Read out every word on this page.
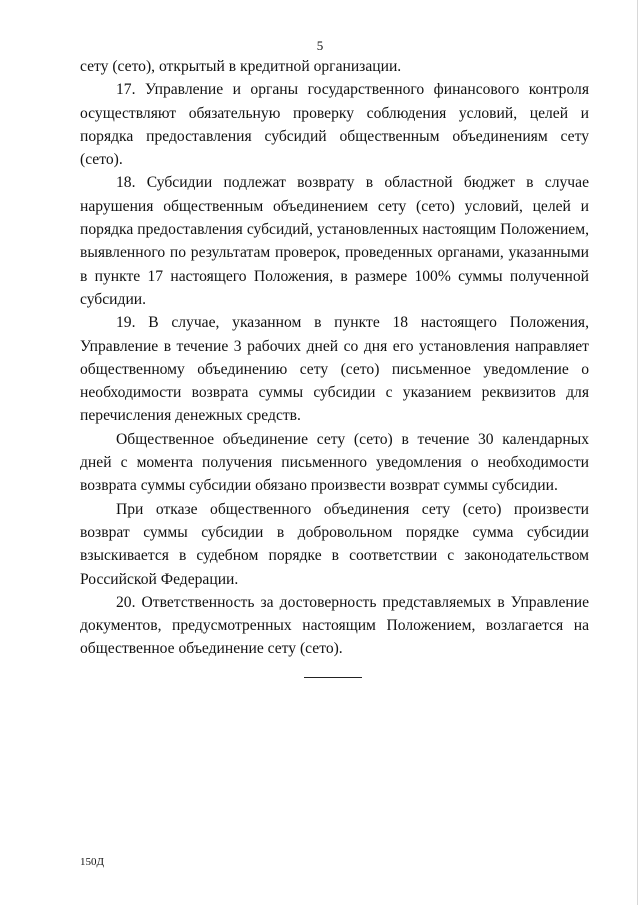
5

сету (сето), открытый в кредитной организации.

17. Управление и органы государственного финансового контроля осуществляют обязательную проверку соблюдения условий, целей и порядка предоставления субсидий общественным объединениям сету (сето).

18. Субсидии подлежат возврату в областной бюджет в случае нарушения общественным объединением сету (сето) условий, целей и порядка предоставления субсидий, установленных настоящим Положением, выявленного по результатам проверок, проведенных органами, указанными в пункте 17 настоящего Положения, в размере 100% суммы полученной субсидии.

19. В случае, указанном в пункте 18 настоящего Положения, Управление в течение 3 рабочих дней со дня его установления направляет общественному объединению сету (сето) письменное уведомление о необходимости возврата суммы субсидии с указанием реквизитов для перечисления денежных средств.

Общественное объединение сету (сето) в течение 30 календарных дней с момента получения письменного уведомления о необходимости возврата суммы субсидии обязано произвести возврат суммы субсидии.

При отказе общественного объединения сету (сето) произвести возврат суммы субсидии в добровольном порядке сумма субсидии взыскивается в судебном порядке в соответствии с законодательством Российской Федерации.

20. Ответственность за достоверность представляемых в Управление документов, предусмотренных настоящим Положением, возлагается на общественное объединение сету (сето).

150Д
